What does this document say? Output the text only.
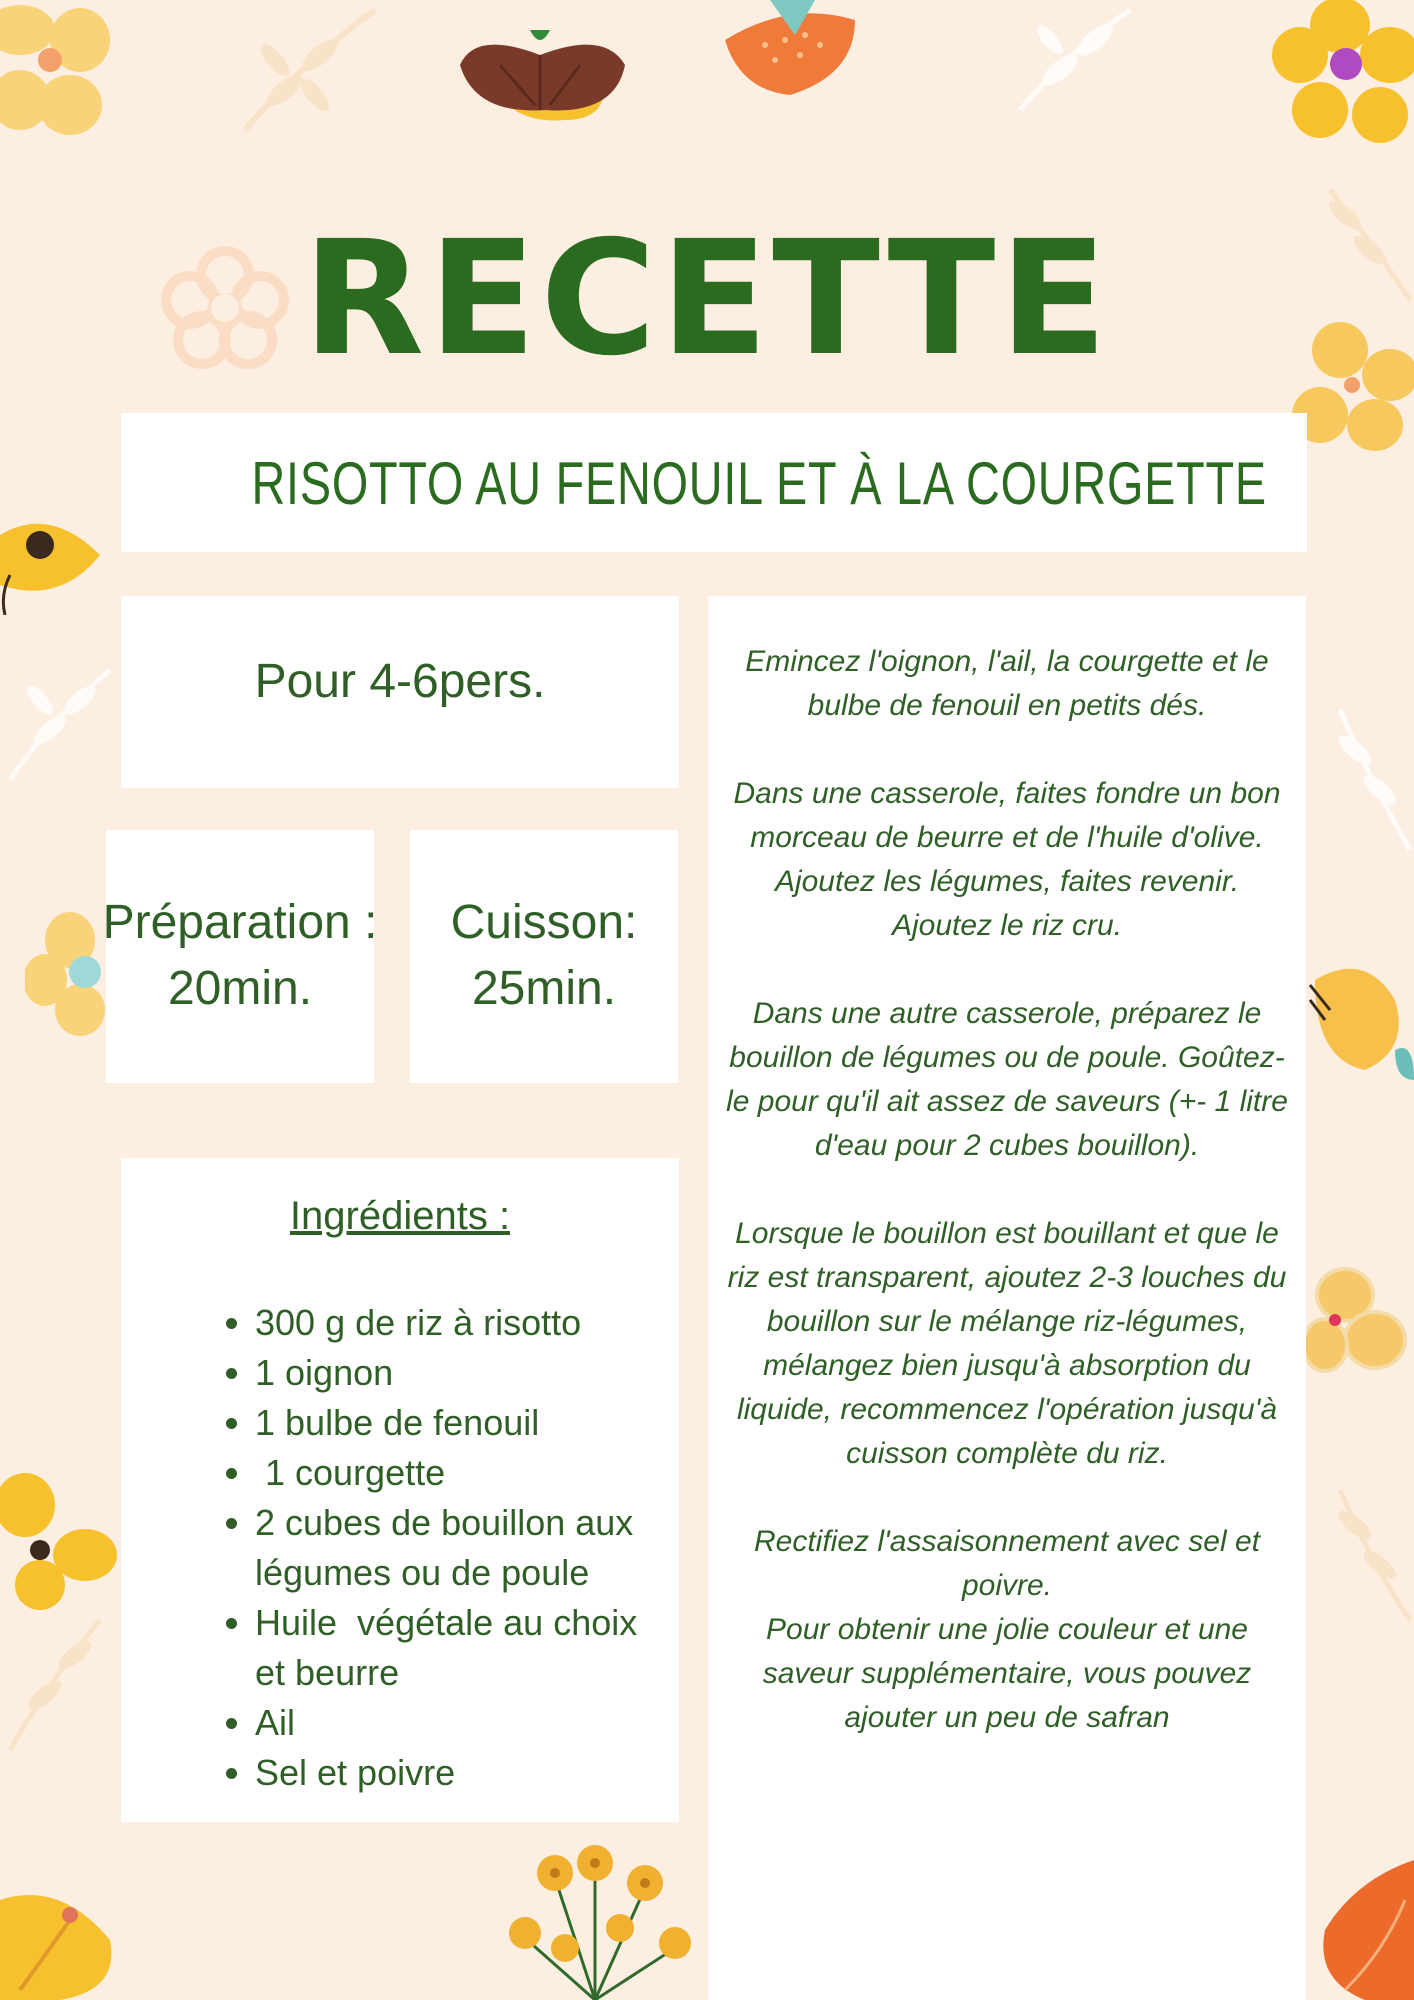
RECETTE
RISOTTO AU FENOUIL ET À LA COURGETTE
Pour 4-6pers.
Préparation :
20min.
Cuisson:
25min.
Ingrédients :
• 300 g de riz à risotto
• 1 oignon
• 1 bulbe de fenouil
•  1 courgette
• 2 cubes de bouillon aux légumes ou de poule
• Huile  végétale au choix et beurre
• Ail
• Sel et poivre

Emincez l'oignon, l'ail, la courgette et le bulbe de fenouil en petits dés.

Dans une casserole, faites fondre un bon morceau de beurre et de l'huile d'olive. Ajoutez les légumes, faites revenir.  Ajoutez le riz cru.

Dans une autre casserole, préparez le bouillon de légumes ou de poule. Goûtez-le pour qu'il ait assez de saveurs (+- 1 litre d'eau pour 2 cubes bouillon).

Lorsque le bouillon est bouillant et que le riz est transparent, ajoutez 2-3 louches du bouillon sur le mélange riz-légumes, mélangez bien jusqu'à absorption du liquide, recommencez l'opération jusqu'à cuisson complète du riz.

Rectifiez l'assaisonnement avec sel et poivre.

Pour obtenir une jolie couleur et une saveur supplémentaire, vous pouvez ajouter un peu de safran
